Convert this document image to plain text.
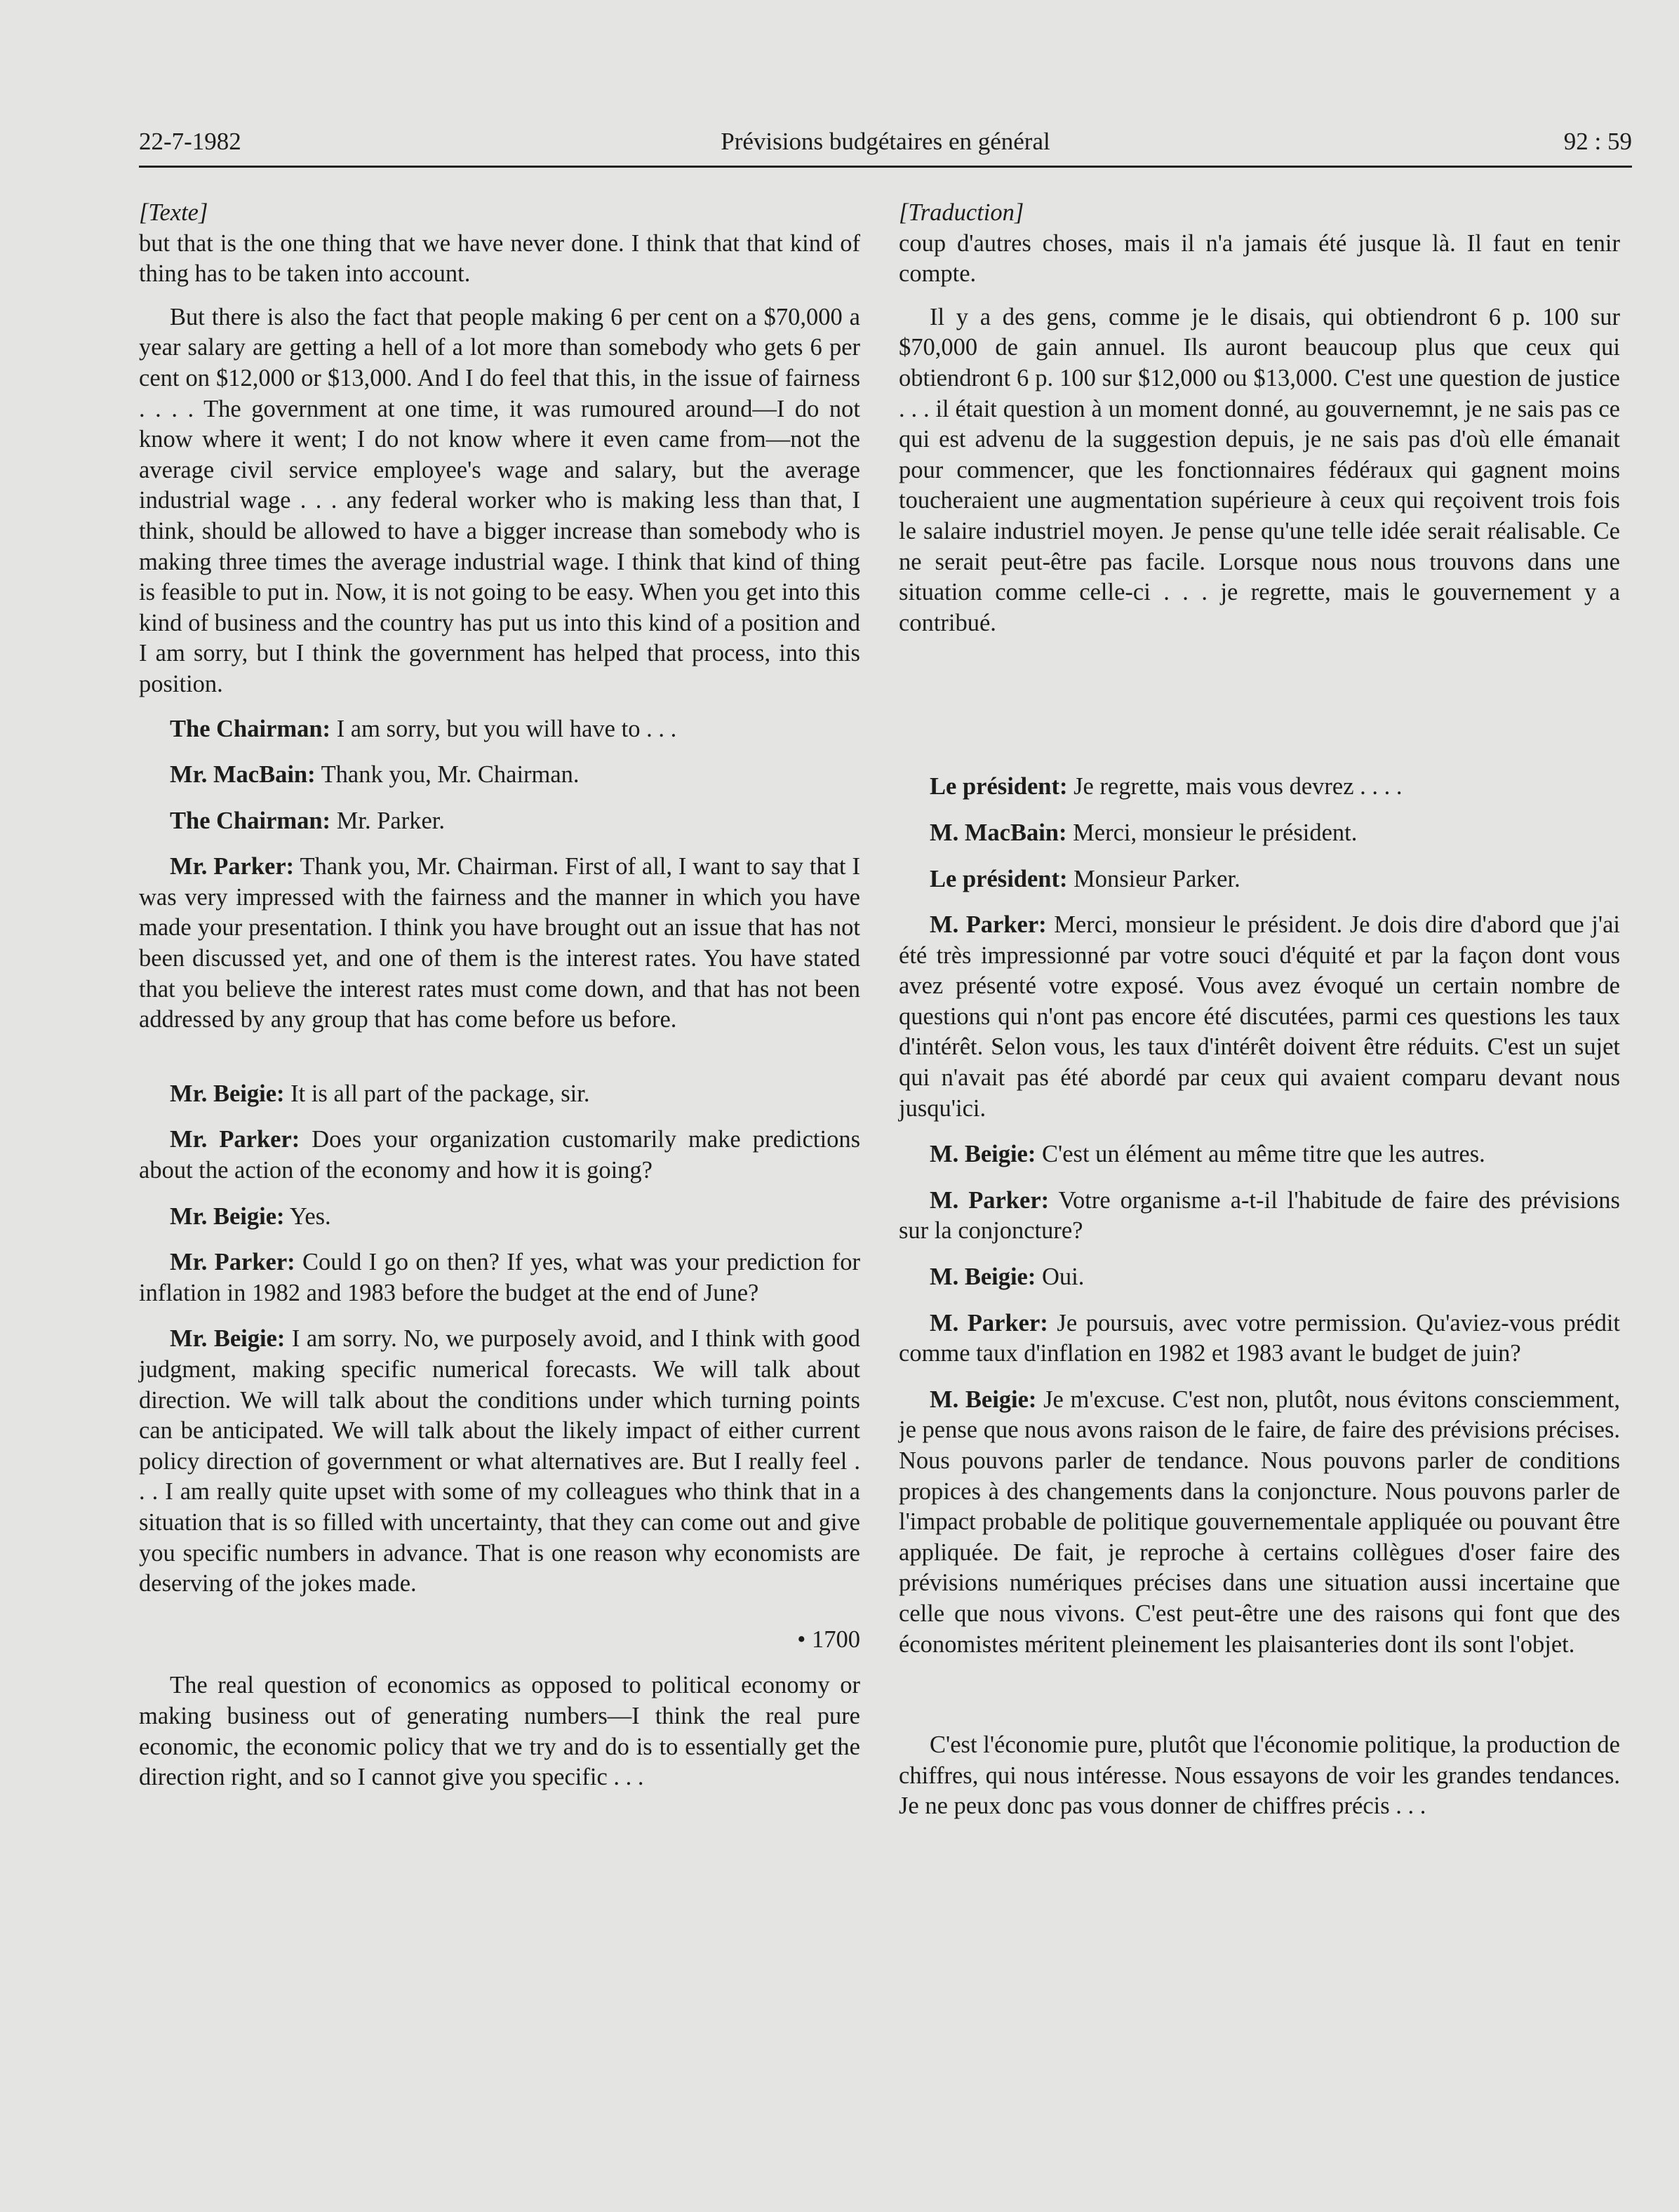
22-7-1982	Prévisions budgétaires en général	92 : 59

[Texte]

but that is the one thing that we have never done. I think that that kind of thing has to be taken into account.

But there is also the fact that people making 6 per cent on a $70,000 a year salary are getting a hell of a lot more than somebody who gets 6 per cent on $12,000 or $13,000. And I do feel that this, in the issue of fairness . . . . The government at one time, it was rumoured around—I do not know where it went; I do not know where it even came from—not the average civil service employee's wage and salary, but the average industrial wage . . . any federal worker who is making less than that, I think, should be allowed to have a bigger increase than somebody who is making three times the average industrial wage. I think that kind of thing is feasible to put in. Now, it is not going to be easy. When you get into this kind of business and the country has put us into this kind of a position and I am sorry, but I think the government has helped that process, into this position.

The Chairman: I am sorry, but you will have to . . .

Mr. MacBain: Thank you, Mr. Chairman.

The Chairman: Mr. Parker.

Mr. Parker: Thank you, Mr. Chairman. First of all, I want to say that I was very impressed with the fairness and the manner in which you have made your presentation. I think you have brought out an issue that has not been discussed yet, and one of them is the interest rates. You have stated that you believe the interest rates must come down, and that has not been addressed by any group that has come before us before.

Mr. Beigie: It is all part of the package, sir.

Mr. Parker: Does your organization customarily make predictions about the action of the economy and how it is going?

Mr. Beigie: Yes.

Mr. Parker: Could I go on then? If yes, what was your prediction for inflation in 1982 and 1983 before the budget at the end of June?

Mr. Beigie: I am sorry. No, we purposely avoid, and I think with good judgment, making specific numerical forecasts. We will talk about direction. We will talk about the conditions under which turning points can be anticipated. We will talk about the likely impact of either current policy direction of government or what alternatives are. But I really feel . . . I am really quite upset with some of my colleagues who think that in a situation that is so filled with uncertainty, that they can come out and give you specific numbers in advance. That is one reason why economists are deserving of the jokes made.

• 1700

The real question of economics as opposed to political economy or making business out of generating numbers—I think the real pure economic, the economic policy that we try and do is to essentially get the direction right, and so I cannot give you specific . . .

[Traduction]

coup d'autres choses, mais il n'a jamais été jusque là. Il faut en tenir compte.

Il y a des gens, comme je le disais, qui obtiendront 6 p. 100 sur $70,000 de gain annuel. Ils auront beaucoup plus que ceux qui obtiendront 6 p. 100 sur $12,000 ou $13,000. C'est une question de justice . . . il était question à un moment donné, au gouvernemnt, je ne sais pas ce qui est advenu de la suggestion depuis, je ne sais pas d'où elle émanait pour commencer, que les fonctionnaires fédéraux qui gagnent moins toucheraient une augmentation supérieure à ceux qui reçoivent trois fois le salaire industriel moyen. Je pense qu'une telle idée serait réalisable. Ce ne serait peut-être pas facile. Lorsque nous nous trouvons dans une situation comme celle-ci . . . je regrette, mais le gouvernement y a contribué.

Le président: Je regrette, mais vous devrez . . . .

M. MacBain: Merci, monsieur le président.

Le président: Monsieur Parker.

M. Parker: Merci, monsieur le président. Je dois dire d'abord que j'ai été très impressionné par votre souci d'équité et par la façon dont vous avez présenté votre exposé. Vous avez évoqué un certain nombre de questions qui n'ont pas encore été discutées, parmi ces questions les taux d'intérêt. Selon vous, les taux d'intérêt doivent être réduits. C'est un sujet qui n'avait pas été abordé par ceux qui avaient comparu devant nous jusqu'ici.

M. Beigie: C'est un élément au même titre que les autres.

M. Parker: Votre organisme a-t-il l'habitude de faire des prévisions sur la conjoncture?

M. Beigie: Oui.

M. Parker: Je poursuis, avec votre permission. Qu'aviez-vous prédit comme taux d'inflation en 1982 et 1983 avant le budget de juin?

M. Beigie: Je m'excuse. C'est non, plutôt, nous évitons consciemment, je pense que nous avons raison de le faire, de faire des prévisions précises. Nous pouvons parler de tendance. Nous pouvons parler de conditions propices à des changements dans la conjoncture. Nous pouvons parler de l'impact probable de politique gouvernementale appliquée ou pouvant être appliquée. De fait, je reproche à certains collègues d'oser faire des prévisions numériques précises dans une situation aussi incertaine que celle que nous vivons. C'est peut-être une des raisons qui font que des économistes méritent pleinement les plaisanteries dont ils sont l'objet.

C'est l'économie pure, plutôt que l'économie politique, la production de chiffres, qui nous intéresse. Nous essayons de voir les grandes tendances. Je ne peux donc pas vous donner de chiffres précis . . .
